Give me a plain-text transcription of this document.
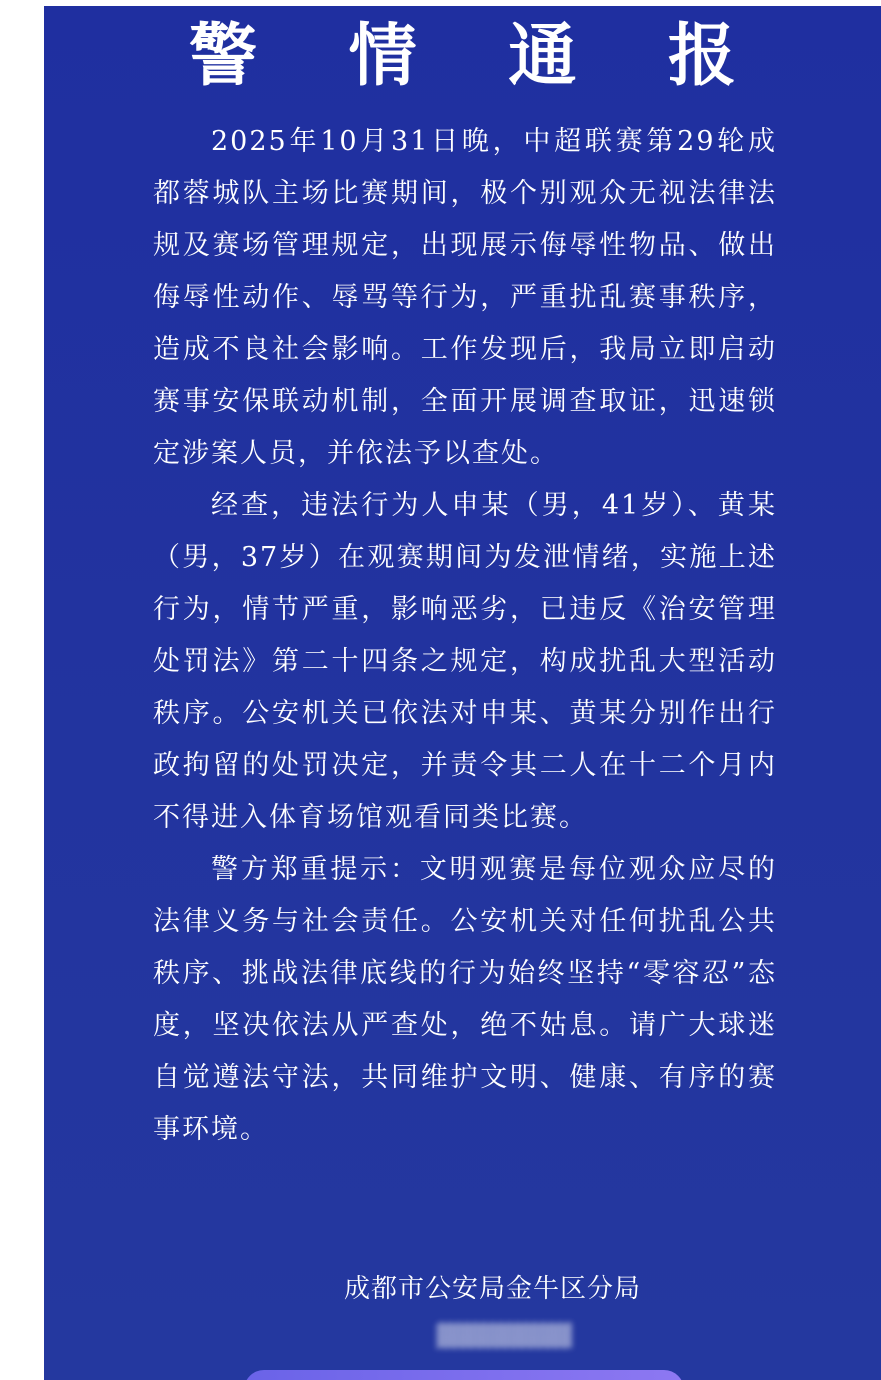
警 情 通 报

2025年10月31日晚，中超联赛第29轮成都蓉城队主场比赛期间，极个别观众无视法律法规及赛场管理规定，出现展示侮辱性物品、做出侮辱性动作、辱骂等行为，严重扰乱赛事秩序，造成不良社会影响。工作发现后，我局立即启动赛事安保联动机制，全面开展调查取证，迅速锁定涉案人员，并依法予以查处。

经查，违法行为人申某（男，41岁）、黄某（男，37岁）在观赛期间为发泄情绪，实施上述行为，情节严重，影响恶劣，已违反《治安管理处罚法》第二十四条之规定，构成扰乱大型活动秩序。公安机关已依法对申某、黄某分别作出行政拘留的处罚决定，并责令其二人在十二个月内不得进入体育场馆观看同类比赛。

警方郑重提示：文明观赛是每位观众应尽的法律义务与社会责任。公安机关对任何扰乱公共秩序、挑战法律底线的行为始终坚持“零容忍”态度，坚决依法从严查处，绝不姑息。请广大球迷自觉遵法守法，共同维护文明、健康、有序的赛事环境。

成都市公安局金牛区分局
▓▓▓▓▓▓▓▓
